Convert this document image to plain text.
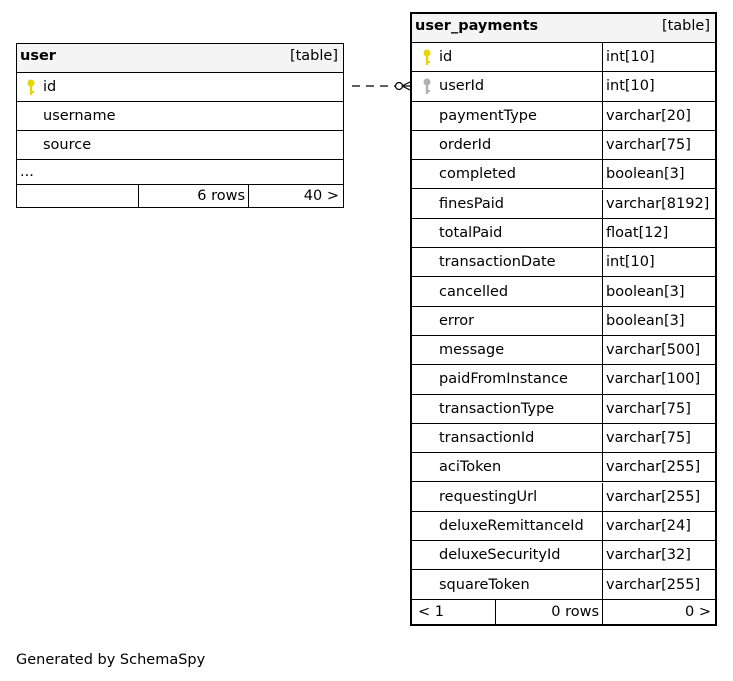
user	[table]
id
username
source
...
6 rows	40 >
user_payments	[table]
id	int[10]
userId	int[10]
paymentType	varchar[20]
orderId	varchar[75]
completed	boolean[3]
finesPaid	varchar[8192]
totalPaid	float[12]
transactionDate	int[10]
cancelled	boolean[3]
error	boolean[3]
message	varchar[500]
paidFromInstance	varchar[100]
transactionType	varchar[75]
transactionId	varchar[75]
aciToken	varchar[255]
requestingUrl	varchar[255]
deluxeRemittanceId varchar[24]
deluxeSecurityId	varchar[32]
squareToken	varchar[255]
< 1	0 rows	0 >
Generated by SchemaSpy
